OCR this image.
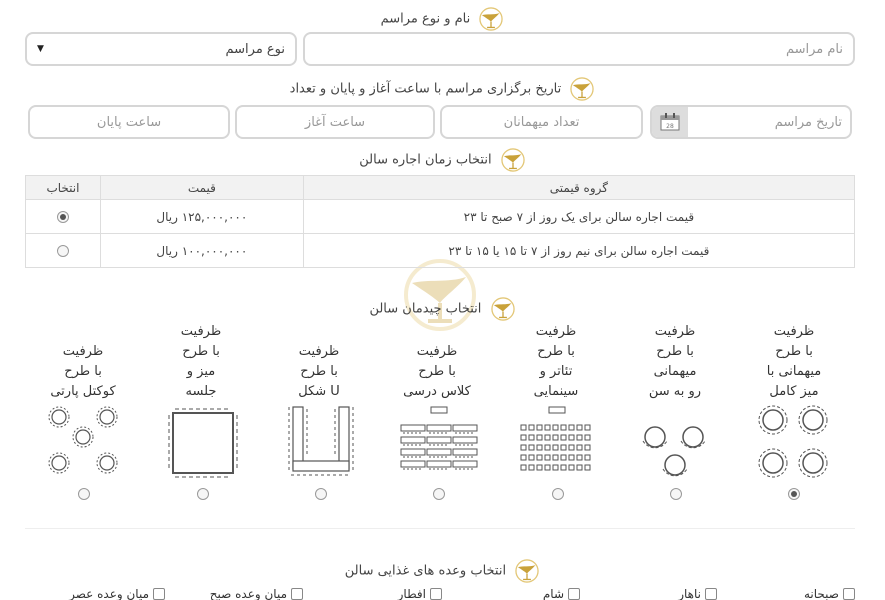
نام و نوع مراسم
نام مراسم
نوع مراسم
▼
تاریخ برگزاری مراسم با ساعت آغاز و پایان و تعداد
تاریخ مراسم
28
تعداد میهمانان
ساعت آغاز
ساعت پایان
انتخاب زمان اجاره سالن
گروه قیمتی	قیمت	انتخاب
قیمت اجاره سالن برای یک روز از ۷ صبح تا ۲۳	۱۲۵,۰۰۰,۰۰۰ ریال	
قیمت اجاره سالن برای نیم روز از ۷ تا ۱۵ یا ۱۵ تا ۲۳	۱۰۰,۰۰۰,۰۰۰ ریال	
انتخاب چیدمان سالن
ظرفیت
با طرح
میهمانی با
میز کامل
ظرفیت
با طرح
میهمانی
رو به سن
ظرفیت
با طرح
تئاتر و
سینمایی
ظرفیت
با طرح
کلاس درسی
ظرفیت
با طرح
U شکل
ظرفیت
با طرح
میز و
جلسه
ظرفیت
با طرح
کوکتل پارتی
انتخاب وعده های غذایی سالن
صبحانه
ناهار
شام
افطار
میان وعده صبح
میان وعده عصر
